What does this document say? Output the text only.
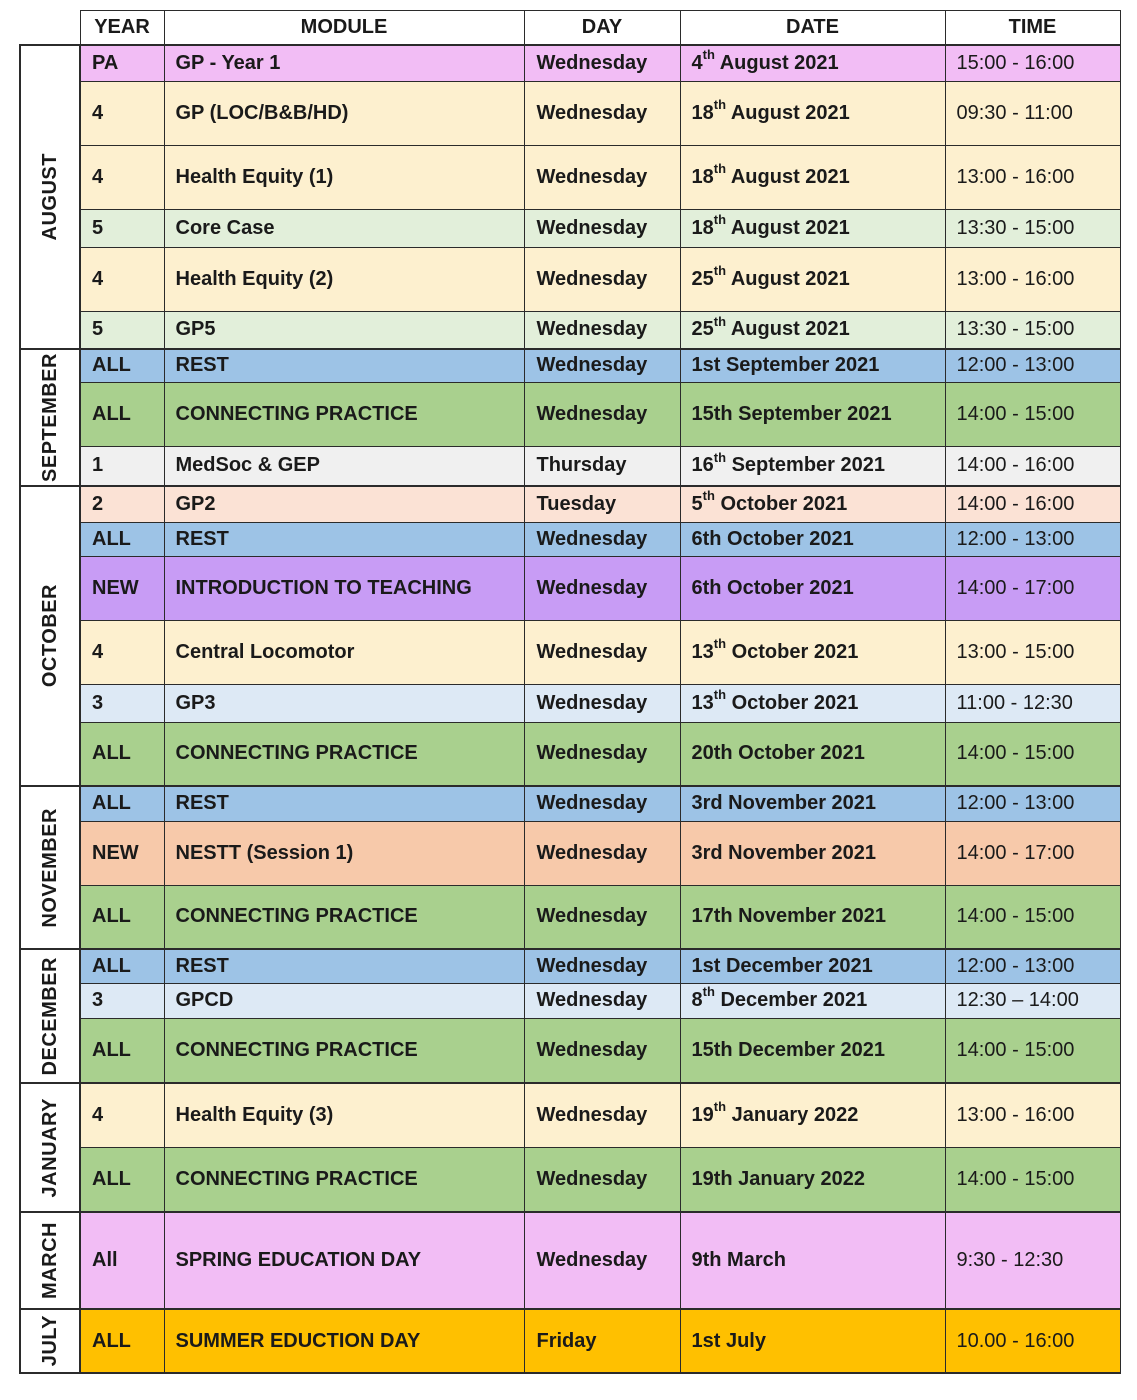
	YEAR	MODULE	DAY	DATE	TIME

AUGUST	PA	GP - Year 1	Wednesday	4th August 2021	15:00 - 16:00
	4	GP (LOC/B&B/HD)	Wednesday	18th August 2021	09:30 - 11:00
	4	Health Equity (1)	Wednesday	18th August 2021	13:00 - 16:00
	5	Core Case	Wednesday	18th August 2021	13:30 - 15:00
	4	Health Equity (2)	Wednesday	25th August 2021	13:00 - 16:00
	5	GP5	Wednesday	25th August 2021	13:30 - 15:00

SEPTEMBER	ALL	REST	Wednesday	1st September 2021	12:00 - 13:00
	ALL	CONNECTING PRACTICE	Wednesday	15th September 2021	14:00 - 15:00
	1	MedSoc & GEP	Thursday	16th September 2021	14:00 - 16:00

OCTOBER	2	GP2	Tuesday	5th October 2021	14:00 - 16:00
	ALL	REST	Wednesday	6th October 2021	12:00 - 13:00
	NEW	INTRODUCTION TO TEACHING	Wednesday	6th October 2021	14:00 - 17:00
	4	Central Locomotor	Wednesday	13th October 2021	13:00 - 15:00
	3	GP3	Wednesday	13th October 2021	11:00 - 12:30
	ALL	CONNECTING PRACTICE	Wednesday	20th October 2021	14:00 - 15:00

NOVEMBER	ALL	REST	Wednesday	3rd November 2021	12:00 - 13:00
	NEW	NESTT (Session 1)	Wednesday	3rd November 2021	14:00 - 17:00
	ALL	CONNECTING PRACTICE	Wednesday	17th November 2021	14:00 - 15:00

DECEMBER	ALL	REST	Wednesday	1st December 2021	12:00 - 13:00
	3	GPCD	Wednesday	8th December 2021	12:30 – 14:00
	ALL	CONNECTING PRACTICE	Wednesday	15th December 2021	14:00 - 15:00

JANUARY	4	Health Equity (3)	Wednesday	19th January 2022	13:00 - 16:00
	ALL	CONNECTING PRACTICE	Wednesday	19th January 2022	14:00 - 15:00

MARCH	All	SPRING EDUCATION DAY	Wednesday	9th March	9:30 - 12:30

JULY	ALL	SUMMER EDUCTION DAY	Friday	1st July	10.00 - 16:00
